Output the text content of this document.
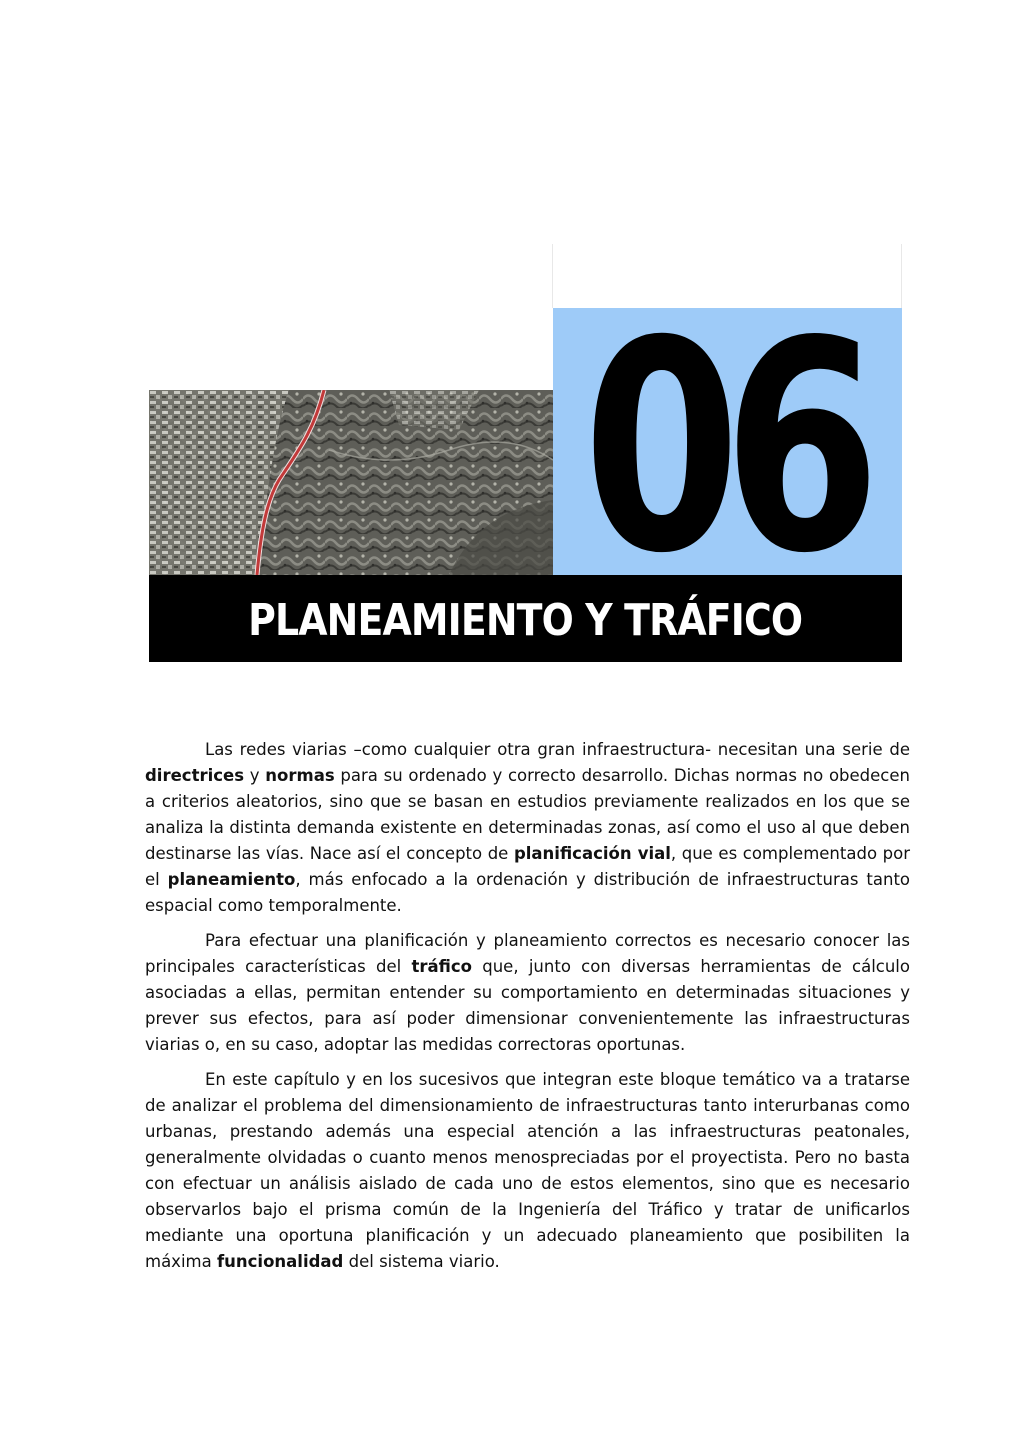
06
PLANEAMIENTO Y TRÁFICO

Las redes viarias –como cualquier otra gran infraestructura- necesitan una serie de directrices y normas para su ordenado y correcto desarrollo. Dichas normas no obedecen a criterios aleatorios, sino que se basan en estudios previamente realizados en los que se analiza la distinta demanda existente en determinadas zonas, así como el uso al que deben destinarse las vías. Nace así el concepto de planificación vial, que es complementado por el planeamiento, más enfocado a la ordenación y distribución de infraestructuras tanto espacial como temporalmente.

Para efectuar una planificación y planeamiento correctos es necesario conocer las principales características del tráfico que, junto con diversas herramientas de cálculo asociadas a ellas, permitan entender su comportamiento en determinadas situaciones y prever sus efectos, para así poder dimensionar convenientemente las infraestructuras viarias o, en su caso, adoptar las medidas correctoras oportunas.

En este capítulo y en los sucesivos que integran este bloque temático va a tratarse de analizar el problema del dimensionamiento de infraestructuras tanto interurbanas como urbanas, prestando además una especial atención a las infraestructuras peatonales, generalmente olvidadas o cuanto menos menospreciadas por el proyectista. Pero no basta con efectuar un análisis aislado de cada uno de estos elementos, sino que es necesario observarlos bajo el prisma común de la Ingeniería del Tráfico y tratar de unificarlos mediante una oportuna planificación y un adecuado planeamiento que posibiliten la máxima funcionalidad del sistema viario.
